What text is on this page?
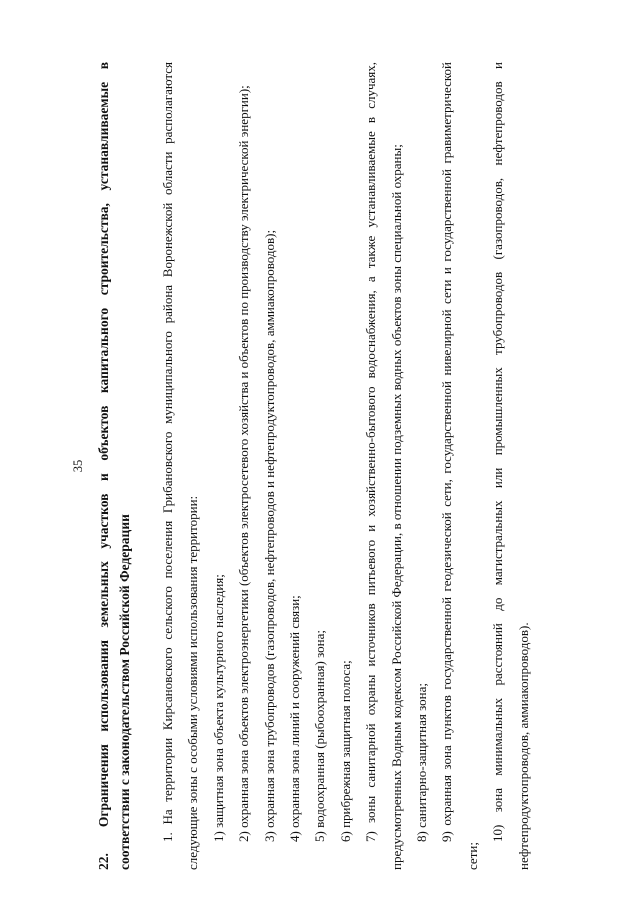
35
22.Ограничения использования земельных участков и объектов капитального строительства, устанавливаемые в соответствии с законодательством Российской Федерации	1. На территории Кирсановского сельского поселения Грибановского муниципального района Воронежской области располагаются следующие зоны с особыми условиями использования территории: 1) защитная зона объекта культурного наследия; 2) охранная зона объектов электроэнергетики (объектов электросетевого хозяйства и объектов по производству электрической энергии); 3) охранная зона трубопроводов (газопроводов, нефтепроводов и нефтепродуктопроводов, аммиакопроводов); 4) охранная зона линий и сооружений связи; 5) водоохранная (рыбоохранная) зона; 6) прибрежная защитная полоса; 7) зоны санитарной охраны источников питьевого и хозяйственно-бытового водоснабжения, а также устанавливаемые в случаях, предусмотренных Водным кодексом Российской Федерации, в отношении подземных водных объектов зоны специальной охраны; 8) санитарно-защитная зона; 9) охранная зона пунктов государственной геодезической сети, государственной нивелирной сети и государственной гравиметрической сети;

10) зона минимальных расстояний до магистральных или промышленных трубопроводов (газопроводов, нефтепроводов и нефтепродуктопроводов, аммиакопроводов).
